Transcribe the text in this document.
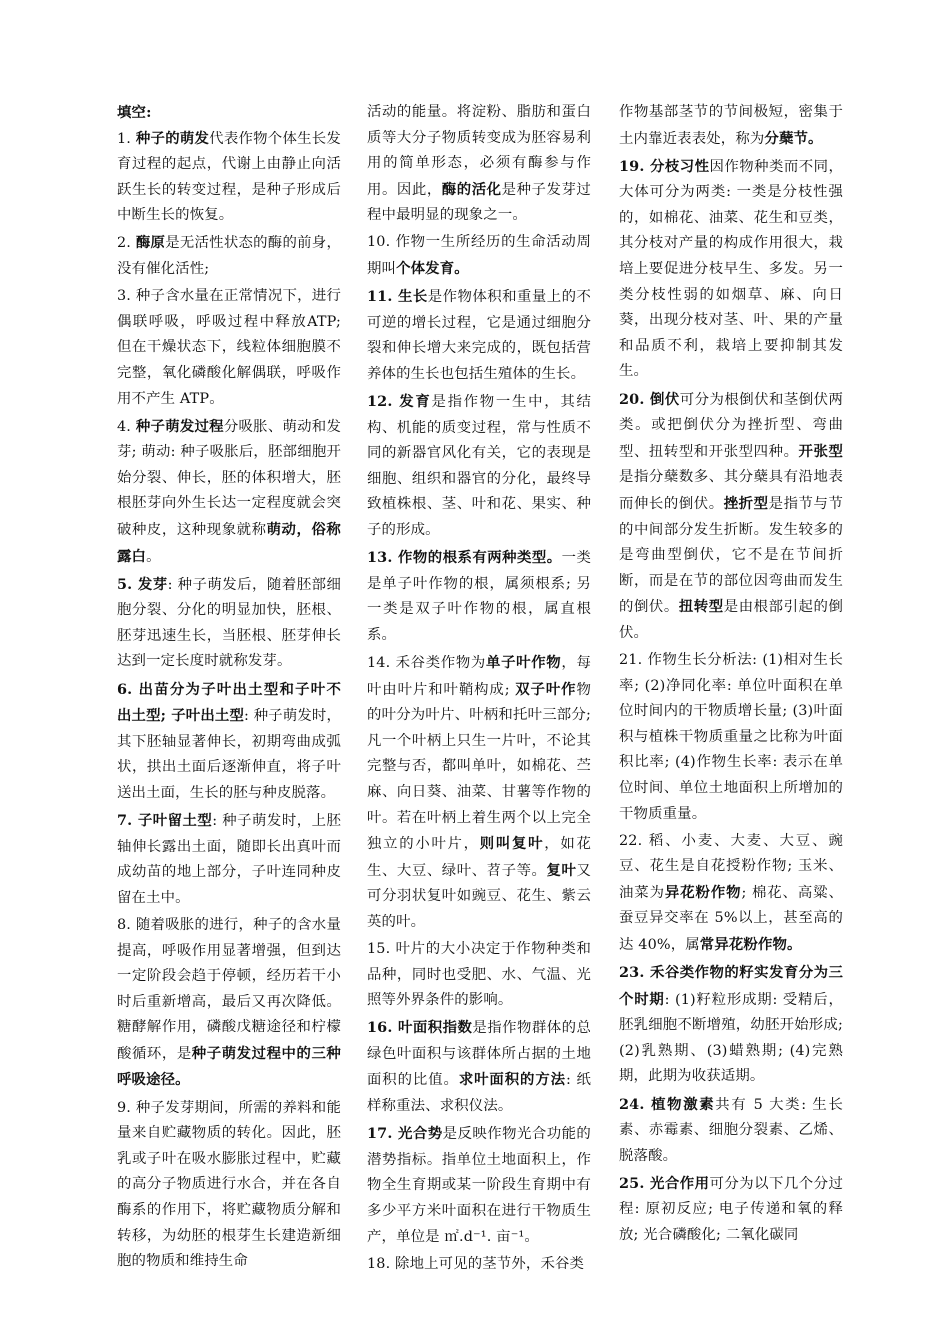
填空:
1. 种子的萌发代表作物个体生长发育过程的起点，代谢上由静止向活跃生长的转变过程，是种子形成后中断生长的恢复。
2. 酶原是无活性状态的酶的前身，没有催化活性;
3. 种子含水量在正常情况下，进行偶联呼吸，呼吸过程中释放ATP; 但在干燥状态下，线粒体细胞膜不完整，氧化磷酸化解偶联，呼吸作用不产生 ATP。
4. 种子萌发过程分吸胀、萌动和发芽; 萌动: 种子吸胀后，胚部细胞开始分裂、伸长，胚的体积增大，胚根胚芽向外生长达一定程度就会突破种皮，这种现象就称萌动，俗称露白。
5. 发芽: 种子萌发后，随着胚部细胞分裂、分化的明显加快，胚根、胚芽迅速生长，当胚根、胚芽伸长达到一定长度时就称发芽。
6. 出苗分为子叶出土型和子叶不出土型; 子叶出土型: 种子萌发时，其下胚轴显著伸长，初期弯曲成弧状，拱出土面后逐渐伸直，将子叶送出土面，生长的胚与种皮脱落。
7. 子叶留土型: 种子萌发时，上胚轴伸长露出土面，随即长出真叶而成幼苗的地上部分，子叶连同种皮留在土中。
8. 随着吸胀的进行，种子的含水量提高，呼吸作用显著增强，但到达一定阶段会趋于停顿，经历若干小时后重新增高，最后又再次降低。糖酵解作用，磷酸戊糖途径和柠檬酸循环，是种子萌发过程中的三种呼吸途径。
9. 种子发芽期间，所需的养料和能量来自贮藏物质的转化。因此，胚乳或子叶在吸水膨胀过程中，贮藏的高分子物质进行水合，并在各自酶系的作用下，将贮藏物质分解和转移，为幼胚的根芽生长建造新细胞的物质和维持生命
活动的能量。将淀粉、脂肪和蛋白质等大分子物质转变成为胚容易利用的简单形态，必须有酶参与作用。因此，酶的活化是种子发芽过程中最明显的现象之一。
10. 作物一生所经历的生命活动周期叫个体发育。
11. 生长是作物体积和重量上的不可逆的增长过程，它是通过细胞分裂和伸长增大来完成的，既包括营养体的生长也包括生殖体的生长。
12. 发育是指作物一生中，其结构、机能的质变过程，常与性质不同的新器官风化有关，它的表现是细胞、组织和器官的分化，最终导致植株根、茎、叶和花、果实、种子的形成。
13. 作物的根系有两种类型。一类是单子叶作物的根，属须根系; 另一类是双子叶作物的根，属直根系。
14. 禾谷类作物为单子叶作物，每叶由叶片和叶鞘构成; 双子叶作物的叶分为叶片、叶柄和托叶三部分; 凡一个叶柄上只生一片叶，不论其完整与否，都叫单叶，如棉花、苎麻、向日葵、油菜、甘薯等作物的叶。若在叶柄上着生两个以上完全独立的小叶片，则叫复叶，如花生、大豆、绿叶、苕子等。复叶又可分羽状复叶如豌豆、花生、紫云英的叶。
15. 叶片的大小决定于作物种类和品种，同时也受肥、水、气温、光照等外界条件的影响。
16. 叶面积指数是指作物群体的总绿色叶面积与该群体所占据的土地面积的比值。求叶面积的方法: 纸样称重法、求积仪法。
17. 光合势是反映作物光合功能的潜势指标。指单位土地面积上，作物全生育期或某一阶段生育期中有多少平方米叶面积在进行干物质生产，单位是 ㎡.d⁻¹. 亩⁻¹。
18. 除地上可见的茎节外，禾谷类
作物基部茎节的节间极短，密集于土内靠近表表处，称为分蘖节。
19. 分枝习性因作物种类而不同，大体可分为两类: 一类是分枝性强的，如棉花、油菜、花生和豆类，其分枝对产量的构成作用很大，栽培上要促进分枝早生、多发。另一类分枝性弱的如烟草、麻、向日葵，出现分枝对茎、叶、果的产量和品质不利，栽培上要抑制其发生。
20. 倒伏可分为根倒伏和茎倒伏两类。或把倒伏分为挫折型、弯曲型、扭转型和开张型四种。开张型是指分蘖数多、其分蘖具有沿地表而伸长的倒伏。挫折型是指节与节的中间部分发生折断。发生较多的是弯曲型倒伏，它不是在节间折断，而是在节的部位因弯曲而发生的倒伏。扭转型是由根部引起的倒伏。
21. 作物生长分析法: (1)相对生长率; (2)净同化率: 单位叶面积在单位时间内的干物质增长量; (3)叶面积与植株干物质重量之比称为叶面积比率; (4)作物生长率: 表示在单位时间、单位土地面积上所增加的干物质重量。
22. 稻、小麦、大麦、大豆、豌豆、花生是自花授粉作物; 玉米、油菜为异花粉作物; 棉花、高粱、蚕豆异交率在 5%以上，甚至高的达 40%，属常异花粉作物。
23. 禾谷类作物的籽实发育分为三个时期: (1)籽粒形成期: 受精后，胚乳细胞不断增殖，幼胚开始形成; (2)乳熟期、(3)蜡熟期; (4)完熟期，此期为收获适期。
24. 植物激素共有 5 大类: 生长素、赤霉素、细胞分裂素、乙烯、脱落酸。
25. 光合作用可分为以下几个分过程: 原初反应; 电子传递和氧的释放; 光合磷酸化; 二氧化碳同
